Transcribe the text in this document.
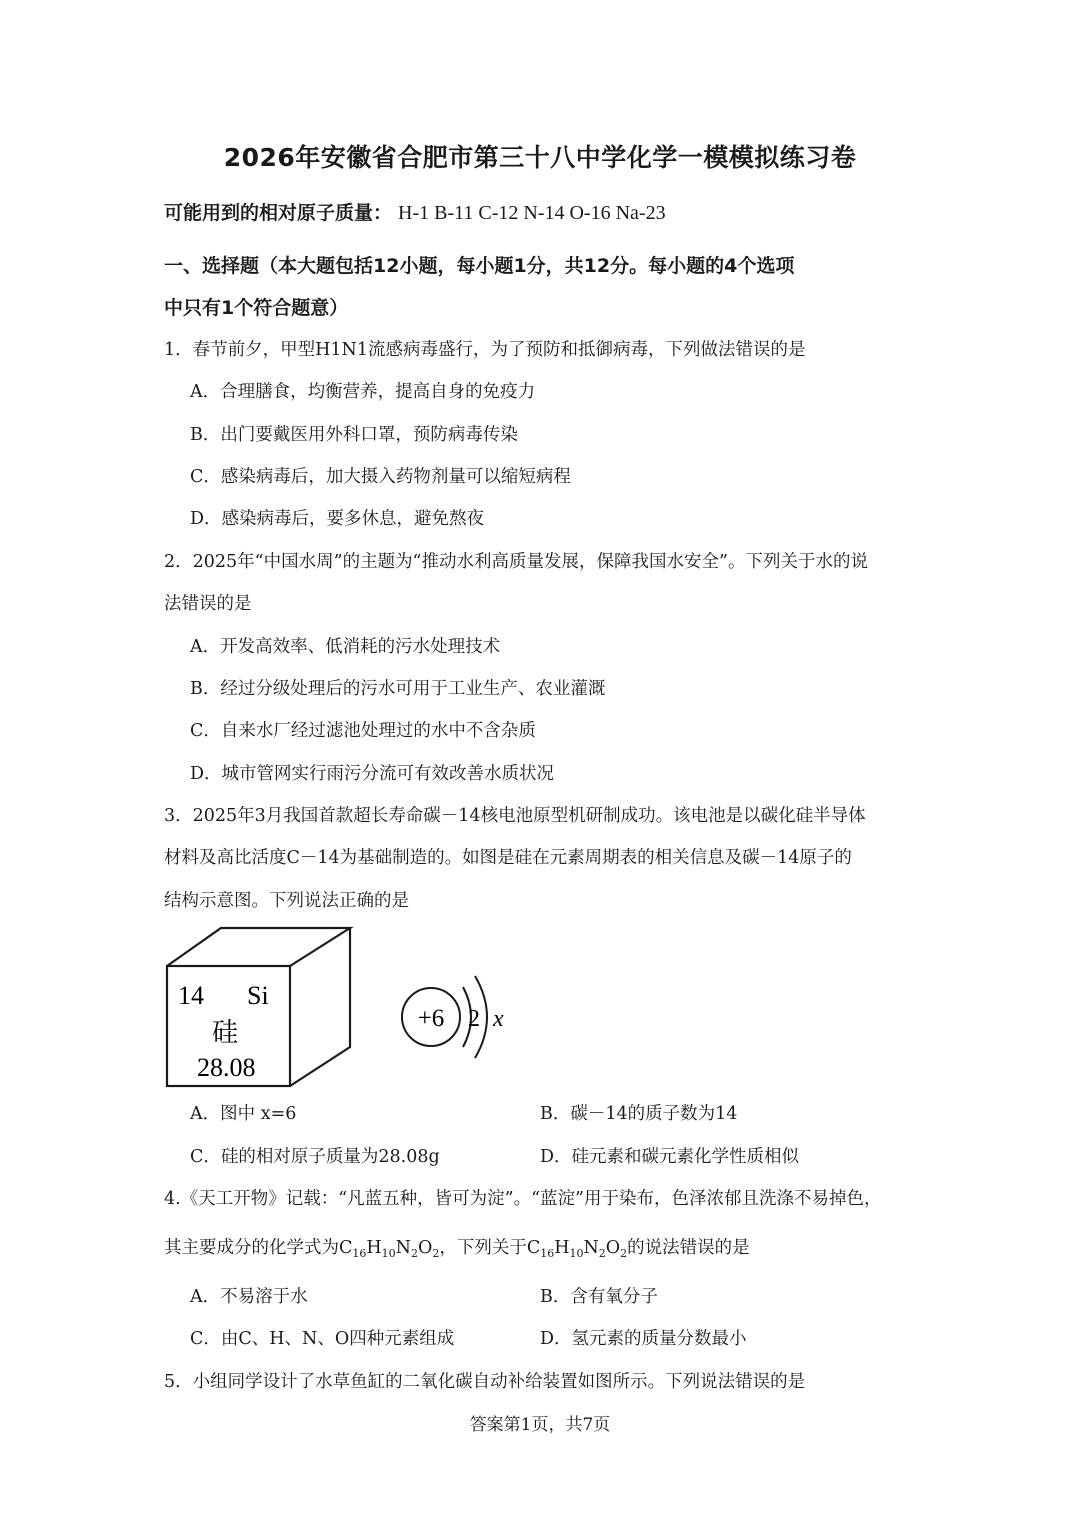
2026年安徽省合肥市第三十八中学化学一模模拟练习卷
可能用到的相对原子质量： H-1 B-11 C-12 N-14 O-16 Na-23
一、选择题（本大题包括12小题，每小题1分，共12分。每小题的4个选项
中只有1个符合题意）
1．春节前夕，甲型H1N1流感病毒盛行，为了预防和抵御病毒，下列做法错误的是
A．合理膳食，均衡营养，提高自身的免疫力
B．出门要戴医用外科口罩，预防病毒传染
C．感染病毒后，加大摄入药物剂量可以缩短病程
D．感染病毒后，要多休息，避免熬夜
2．2025年“中国水周”的主题为“推动水利高质量发展，保障我国水安全”。下列关于水的说
法错误的是
A．开发高效率、低消耗的污水处理技术
B．经过分级处理后的污水可用于工业生产、农业灌溉
C．自来水厂经过滤池处理过的水中不含杂质
D．城市管网实行雨污分流可有效改善水质状况
3．2025年3月我国首款超长寿命碳－14核电池原型机研制成功。该电池是以碳化硅半导体
材料及高比活度C－14为基础制造的。如图是硅在元素周期表的相关信息及碳－14原子的
结构示意图。下列说法正确的是
14 Si
硅
28.08
+6 2 x
A．图中 x=6	B．碳－14的质子数为14
C．硅的相对原子质量为28.08g	D．硅元素和碳元素化学性质相似
4.《天工开物》记载：“凡蓝五种，皆可为淀”。“蓝淀”用于染布，色泽浓郁且洗涤不易掉色，
其主要成分的化学式为$C_{16}H_{10}N_2O_2$，下列关于$C_{16}H_{10}N_2O_2$的说法错误的是
A．不易溶于水	B．含有氧分子
C．由C、H、N、O四种元素组成	D．氢元素的质量分数最小
5．小组同学设计了水草鱼缸的二氧化碳自动补给装置如图所示。下列说法错误的是
答案第1页，共7页
